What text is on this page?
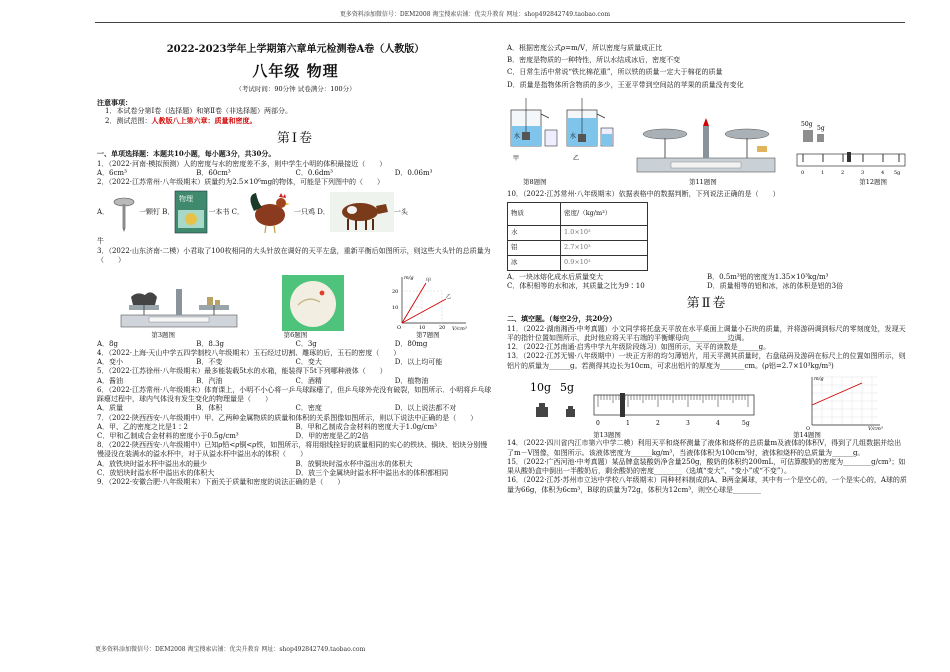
更多资料添加微信号：DEM2008 淘宝搜索店铺：优尖升教育 网址：shop492842749.taobao.com

2022-2023学年上学期第六章单元检测卷A卷（人教版）

八年级 物理

（考试时间：90分钟 试卷满分：100分）

注意事项：

1．本试卷分第Ⅰ卷（选择题）和第Ⅱ卷（非选择题）两部分。

2．测试范围：人教版八上第六章：质量和密度。

第Ⅰ卷

一、单项选择题：本题共10小题，每小题3分，共30分。

1．（2022·河南·模拟预测）人的密度与水的密度差不多，则中学生小明的体积最接近（　　）

A．6cm³	B．60cm³	C．0.6dm³	D．0.06m³

2．（2022·江苏常州·八年级期末）质量约为2.5×10⁶mg的物体，可能是下列图中的（　　）

A．	一颗钉 B．
物理
一本书 C．	一只鸡 D．	一头

牛

3．（2022·山东济南·二模）小君取了100枚相同的大头针放在调好的天平左盘，重新平衡后如图所示，则这些大头针的总质量为（　　）

m/g
V/cm³
20
10
10	20
O
甲
乙
第3题图	第6题图	第7题图
A．8g	B．8.3g	C．3g	D．80mg

4．（2022·上海·天山中学五四学制校八年级期末）玉石经过切割、雕琢的后，玉石的密度（　　）

A．变小	B．不变	C．变大	D．以上均可能

5．（2022·江苏徐州·八年级期末）最多能装载5t水的水箱，能装得下5t下列哪种液体（　　）

A．酱油	B．汽油	C．酒精	D．植物油

6．（2022·江苏常州·八年级期末）体育课上，小明不小心将一乒乓球踩瘪了，但乒乓球外壳没有破裂，如图所示．小明将乒乓球踩瘪过程中，球内气体没有发生变化的物理量是（　　）

A．质量	B．体积	C．密度	D．以上说法都不对

7．（2022·陕西西安·八年级期中）甲、乙两种金属物质的质量和体积的关系图像如图所示，则以下说法中正确的是（　　）

A．甲、乙的密度之比是1∶2	B．甲和乙制成合金材料的密度大于1.0g/cm³
C．甲和乙制成合金材料的密度小于0.5g/cm³	D．甲的密度是乙的2倍

8．（2022·陕西西安·八年级期中）已知ρ铅<ρ铜<ρ铁，如图所示，将用细线拴好的质量相同的实心的铁块、铜块、铝块分别慢慢浸没在装满水的溢水杯中，对于从溢水杯中溢出水的体积（　　）

A．放铁块时溢水杯中溢出水的最少	B．放铜块时溢水杯中溢出水的体积大
C．放铝块时溢水杯中溢出水的体积大	D．放三个金属块时溢水杯中溢出水的体积都相同

9．（2022·安徽合肥·八年级期末）下面关于质量和密度的说法正确的是（　　）

A．根据密度公式ρ=m/V，所以密度与质量成正比

B．密度是物质的一种特性，所以水结成冰后，密度不变

C．日常生活中常说“铁比棉花重”，所以铁的质量一定大于棉花的质量

D．质量是指物体所含物质的多少，王亚平带到空间站的苹果的质量没有变化

水	水
甲	乙
50g
5g
0	1	2	3	4 5g
第8题图	第11题图	第12题图

10．（2022·江苏常州·八年级期末）依据表格中的数据判断，下列说法正确的是（　　）

物质	密度/（kg/m³）
水	1.0×10³
铝	2.7×10³
冰	0.9×10³
A．一块冰熔化成水后质量变大	B．0.5m³铝的密度为1.35×10³kg/m³
C．体积相等的水和冰，其质量之比为9∶10	D．质量相等的铝和冰，冰的体积是铝的3倍

第Ⅱ卷

二、填空题。（每空2分，共20分）

11．（2022·湖南湘西·中考真题）小文同学将托盘天平放在水平桌面上调量小石块的质量，并将游码调到标尺的零刻度处，发现天平的指针位置如图所示，此时他应将天平右端的平衡螺母向___________边调。

12．（2022·江苏南通·启秀中学九年级阶段练习）如图所示，天平的读数是______g。

13．（2022·江苏无锡·八年级期中）一块正方形的均匀薄铝片，用天平测其质量时，右盘砝码及游码在标尺上的位置如图所示，则铝片的质量为______g。若测得其边长为10cm，可求出铝片的厚度为_______cm。(ρ铝=2.7×10³kg/m³)

10g 5g
0	1	2	3	4	5g
m/g
V/cm³
O
第13题图	第14题图

14．（2022·四川省内江市第六中学二模）利用天平和烧杯测量了液体和烧杯的总质量m及液体的体积V，得到了几组数据并绘出了m－V图像，如图所示。该液体密度为______kg/m³，当液体体积为100cm³时，液体和烧杯的总质量为______g。

15．（2022·广西河池·中考真题）某品牌盒装酸奶净含量250g，酸奶的体积约200mL，可估算酸奶的密度为________g/cm³；如果从酸奶盒中倒出一半酸奶后，剩余酸奶的密度________（选填“变大”、“变小”或“不变”）。

16．（2022·江苏·苏州市立达中学校八年级期末）同种材料制成的A、B两金属球，其中有一个是空心的，一个是实心的，A球的质量为66g，体积为6cm³，B球的质量为72g，体积为12cm³，则空心球是________

更多资料添加微信号：DEM2008 淘宝搜索店铺：优尖升教育 网址：shop492842749.taobao.com
